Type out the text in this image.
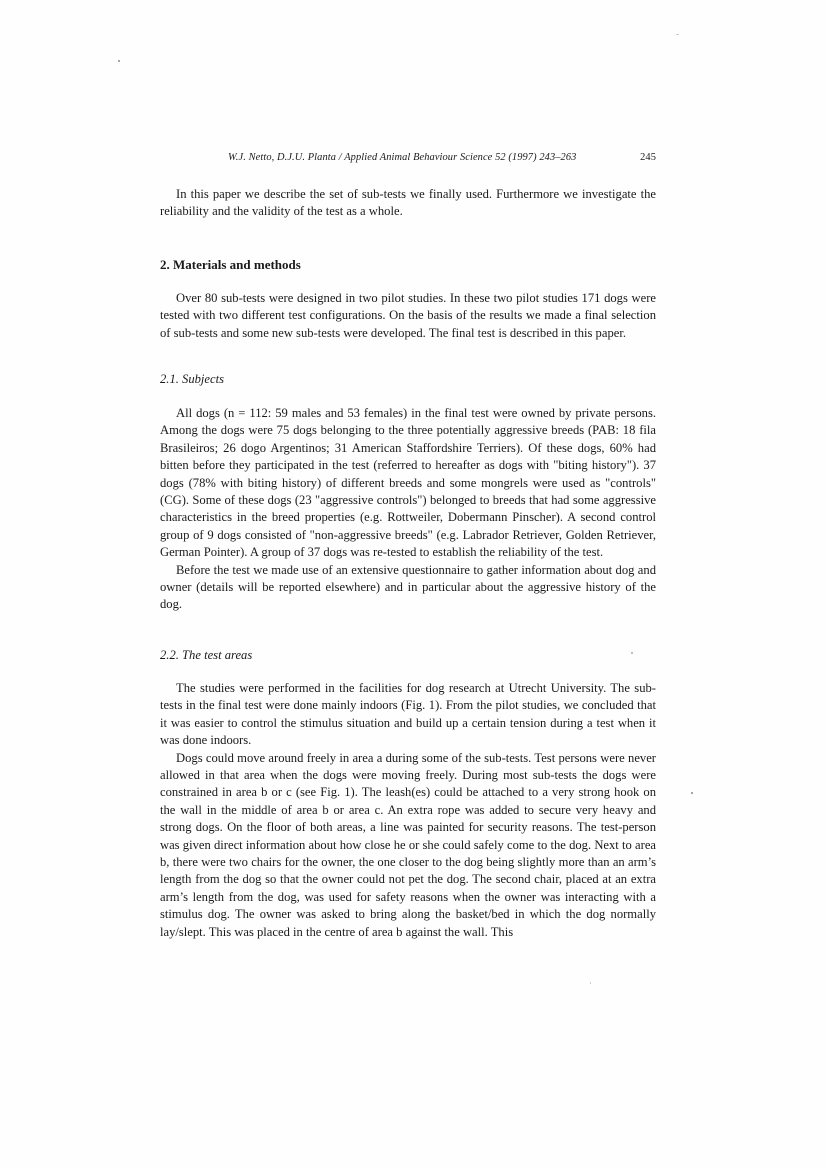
W.J. Netto, D.J.U. Planta / Applied Animal Behaviour Science 52 (1997) 243–263	245

In this paper we describe the set of sub-tests we finally used. Furthermore we investigate the reliability and the validity of the test as a whole.

2. Materials and methods

Over 80 sub-tests were designed in two pilot studies. In these two pilot studies 171 dogs were tested with two different test configurations. On the basis of the results we made a final selection of sub-tests and some new sub-tests were developed. The final test is described in this paper.

2.1. Subjects

All dogs (n = 112: 59 males and 53 females) in the final test were owned by private persons. Among the dogs were 75 dogs belonging to the three potentially aggressive breeds (PAB: 18 fila Brasileiros; 26 dogo Argentinos; 31 American Staffordshire Terriers). Of these dogs, 60% had bitten before they participated in the test (referred to hereafter as dogs with "biting history"). 37 dogs (78% with biting history) of different breeds and some mongrels were used as "controls" (CG). Some of these dogs (23 "aggressive controls") belonged to breeds that had some aggressive characteristics in the breed properties (e.g. Rottweiler, Dobermann Pinscher). A second control group of 9 dogs consisted of "non-aggressive breeds" (e.g. Labrador Retriever, Golden Retriever, German Pointer). A group of 37 dogs was re-tested to establish the reliability of the test.

Before the test we made use of an extensive questionnaire to gather information about dog and owner (details will be reported elsewhere) and in particular about the aggressive history of the dog.

2.2. The test areas

The studies were performed in the facilities for dog research at Utrecht University. The sub-tests in the final test were done mainly indoors (Fig. 1). From the pilot studies, we concluded that it was easier to control the stimulus situation and build up a certain tension during a test when it was done indoors.

Dogs could move around freely in area a during some of the sub-tests. Test persons were never allowed in that area when the dogs were moving freely. During most sub-tests the dogs were constrained in area b or c (see Fig. 1). The leash(es) could be attached to a very strong hook on the wall in the middle of area b or area c. An extra rope was added to secure very heavy and strong dogs. On the floor of both areas, a line was painted for security reasons. The test-person was given direct information about how close he or she could safely come to the dog. Next to area b, there were two chairs for the owner, the one closer to the dog being slightly more than an arm’s length from the dog so that the owner could not pet the dog. The second chair, placed at an extra arm’s length from the dog, was used for safety reasons when the owner was interacting with a stimulus dog. The owner was asked to bring along the basket/bed in which the dog normally lay/slept. This was placed in the centre of area b against the wall. This
